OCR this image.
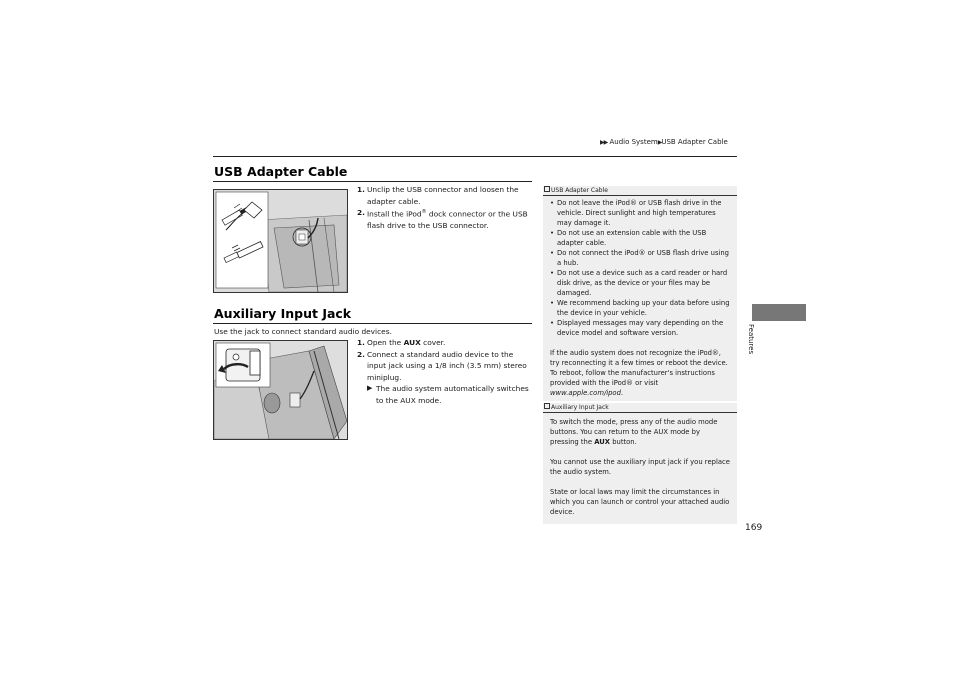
▶▶ Audio System▶USB Adapter Cable
USB Adapter Cable
1. Unclip the USB connector and loosen the adapter cable.
2. Install the iPod® dock connector or the USB flash drive to the USB connector.
USB Adapter Cable
• Do not leave the iPod® or USB flash drive in the vehicle. Direct sunlight and high temperatures may damage it.
• Do not use an extension cable with the USB adapter cable.
• Do not connect the iPod® or USB flash drive using a hub.
• Do not use a device such as a card reader or hard disk drive, as the device or your files may be damaged.
• We recommend backing up your data before using the device in your vehicle.
• Displayed messages may vary depending on the device model and software version.

If the audio system does not recognize the iPod®, try reconnecting it a few times or reboot the device. To reboot, follow the manufacturer's instructions provided with the iPod® or visit www.apple.com/ipod.

Auxiliary Input Jack
Use the jack to connect standard audio devices.
1. Open the AUX cover.
2. Connect a standard audio device to the input jack using a 1/8 inch (3.5 mm) stereo miniplug.
▶ The audio system automatically switches to the AUX mode.
Auxiliary Input Jack

To switch the mode, press any of the audio mode buttons. You can return to the AUX mode by pressing the AUX button.

You cannot use the auxiliary input jack if you replace the audio system.

State or local laws may limit the circumstances in which you can launch or control your attached audio device.

Features
169
